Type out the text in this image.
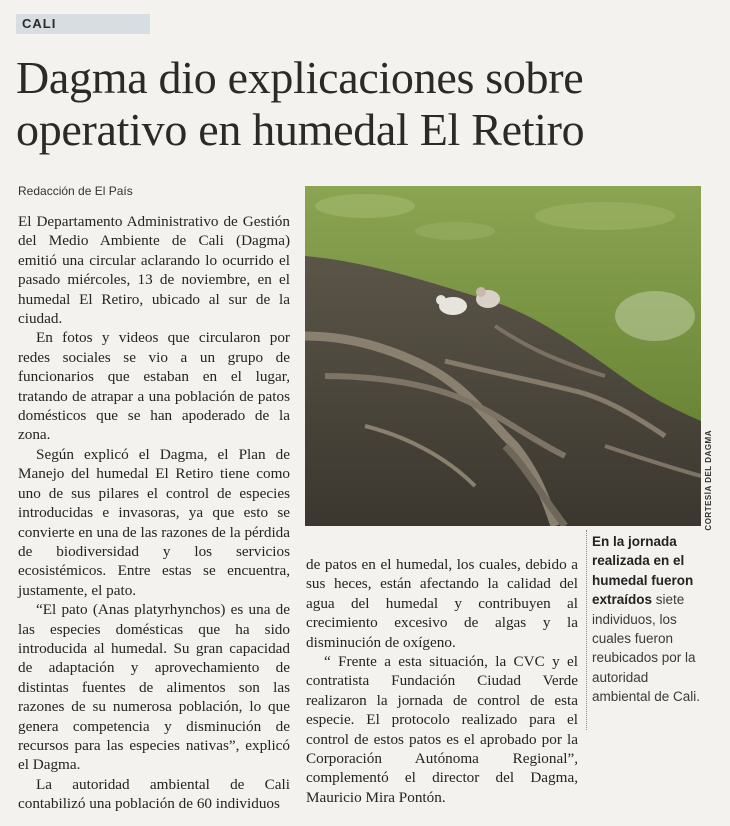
CALI
Dagma dio explicaciones sobre operativo en humedal El Retiro
Redacción de El País

El Departamento Administrativo de Gestión del Medio Ambiente de Cali (Dagma) emitió una circular aclarando lo ocurrido el pasado miércoles, 13 de noviembre, en el humedal El Retiro, ubicado al sur de la ciudad.

En fotos y videos que circularon por redes sociales se vio a un grupo de funcionarios que estaban en el lugar, tratando de atrapar a una población de patos domésticos que se han apoderado de la zona.

Según explicó el Dagma, el Plan de Manejo del humedal El Retiro tiene como uno de sus pilares el control de especies introducidas e invasoras, ya que esto se convierte en una de las razones de la pérdida de biodiversidad y los servicios ecosistémicos. Entre estas se encuentra, justamente, el pato.

“El pato (Anas platyrhynchos) es una de las especies domésticas que ha sido introducida al humedal. Su gran capacidad de adaptación y aprovechamiento de distintas fuentes de alimentos son las razones de su numerosa población, lo que genera competencia y disminución de recursos para las especies nativas”, explicó el Dagma.

La autoridad ambiental de Cali contabilizó una población de 60 individuos

CORTESÍA DEL DAGMA
En la jornada realizada en el humedal fueron extraídos siete individuos, los cuales fueron reubicados por la autoridad ambiental de Cali.

de patos en el humedal, los cuales, debido a sus heces, están afectando la calidad del agua del humedal y contribuyen al crecimiento excesivo de algas y la disminución de oxígeno.

“ Frente a esta situación, la CVC y el contratista Fundación Ciudad Verde realizaron la jornada de control de esta especie. El protocolo realizado para el control de estos patos es el aprobado por la Corporación Autónoma Regional”, complementó el director del Dagma, Mauricio Mira Pontón.
